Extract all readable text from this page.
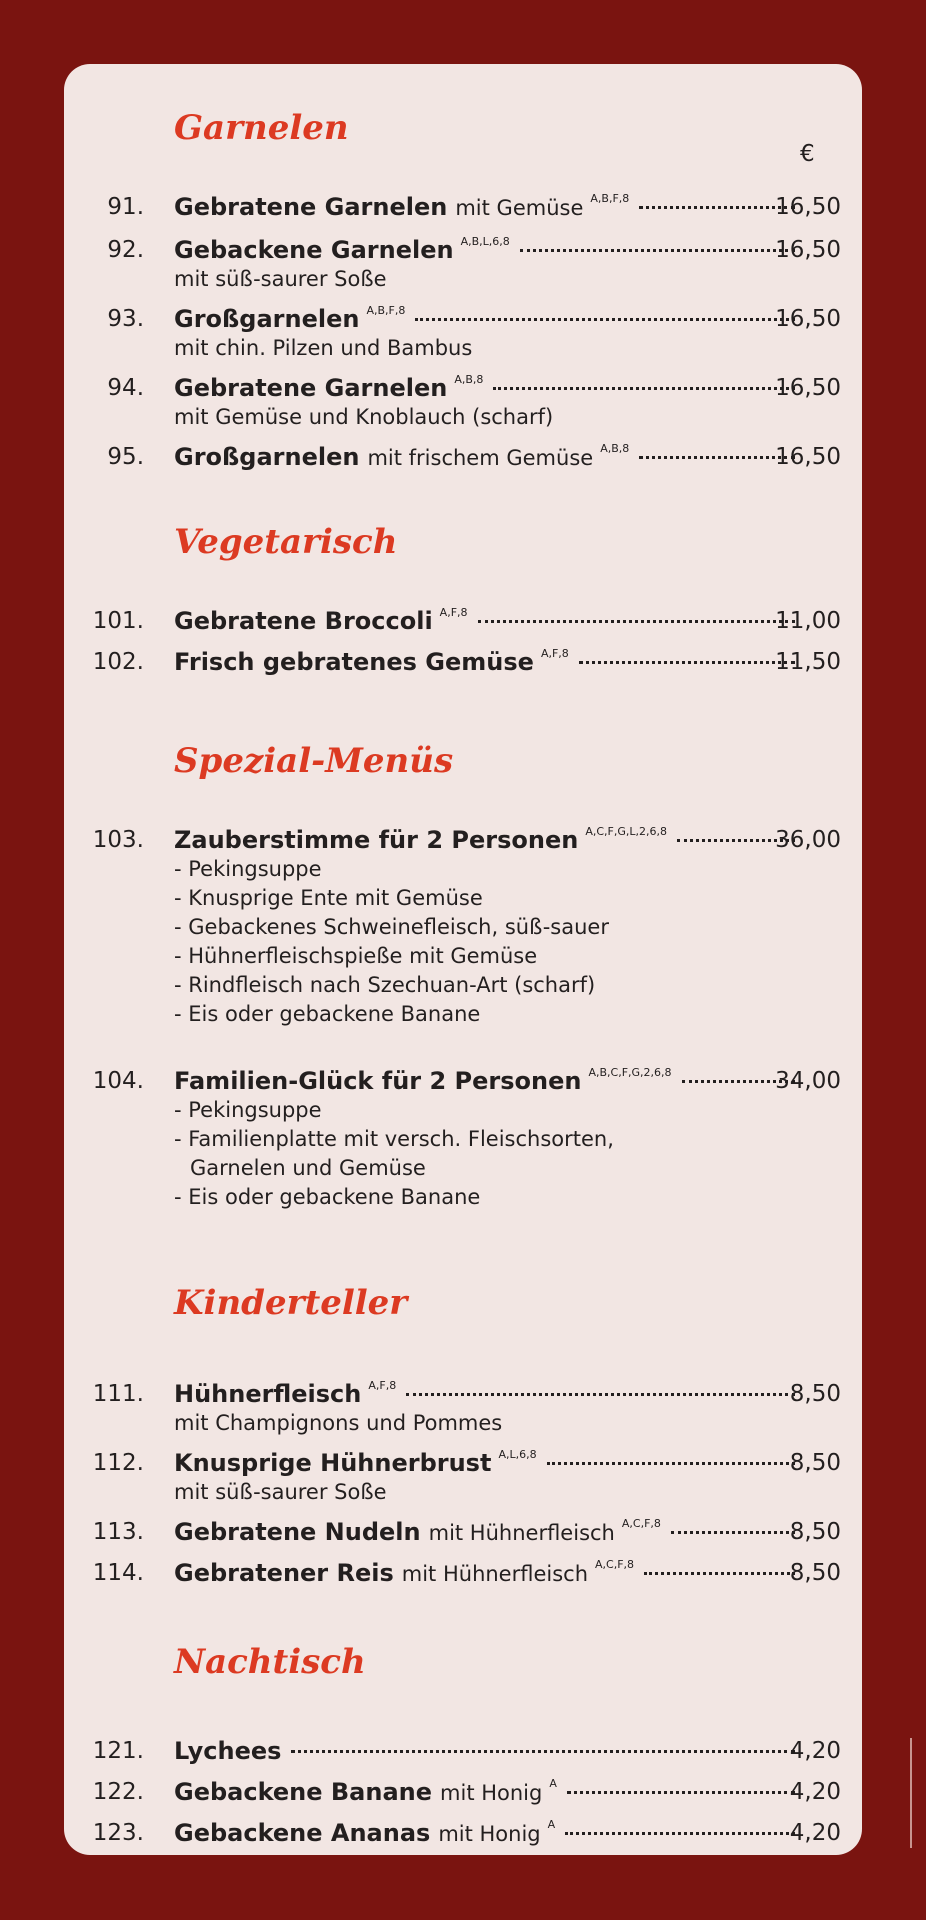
€
Garnelen
91. Gebratene Garnelen mit Gemüse A,B,F,8	16,50
92. Gebackene Garnelen A,B,L,6,8	16,50
mit süß-saurer Soße
93. Großgarnelen A,B,F,8	16,50
mit chin. Pilzen und Bambus
94. Gebratene Garnelen A,B,8	16,50
mit Gemüse und Knoblauch (scharf)
95. Großgarnelen mit frischem Gemüse A,B,8	16,50
Vegetarisch
101. Gebratene Broccoli A,F,8	11,00
102. Frisch gebratenes Gemüse A,F,8	11,50
Spezial-Menüs
103. Zauberstimme für 2 Personen A,C,F,G,L,2,6,8	36,00
- Pekingsuppe
- Knusprige Ente mit Gemüse
- Gebackenes Schweinefleisch, süß-sauer
- Hühnerfleischspieße mit Gemüse
- Rindfleisch nach Szechuan-Art (scharf)
- Eis oder gebackene Banane
104. Familien-Glück für 2 Personen A,B,C,F,G,2,6,8	34,00
- Pekingsuppe
- Familienplatte mit versch. Fleischsorten,
Garnelen und Gemüse
- Eis oder gebackene Banane
Kinderteller
111. Hühnerfleisch A,F,8	8,50
mit Champignons und Pommes
112. Knusprige Hühnerbrust A,L,6,8	8,50
mit süß-saurer Soße
113. Gebratene Nudeln mit Hühnerfleisch A,C,F,8	8,50
114. Gebratener Reis mit Hühnerfleisch A,C,F,8	8,50
Nachtisch
121. Lychees	4,20
122. Gebackene Banane mit Honig A	4,20
123. Gebackene Ananas mit Honig A	4,20
